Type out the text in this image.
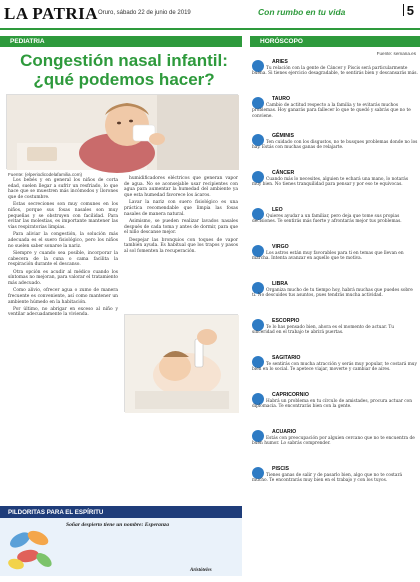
LA PATRIA Oruro, sábado 22 de junio de 2019	Con rumbo en tu vida	5
PEDIATRIA
Congestión nasal infantil:
¿qué podemos hacer?
Fuente: (elperiodicodelafamilia.com)

Los bebés y en general los niños de corta edad, suelen llegar a sufrir un resfriado, lo que hace que se muestren más incómodos y llorones que de costumbre.

Estas secreciones son muy comunes en los niños, porque sus fosas nasales son muy pequeñas y se obstruyen con facilidad. Para evitar las molestias, es importante mantener las vías respiratorias limpias.

Para aliviar la congestión, la solución más adecuada es el suero fisiológico, pero los niños no suelen saber sonarse la nariz.

Siempre y cuando sea posible, incorporar la cabecera de la cuna o cama facilita la respiración durante el descanso.

Otra opción es acudir al médico cuando los síntomas no mejoran, para valorar el tratamiento más adecuado.

Como alivio, ofrecer agua o zumo de manera frecuente es conveniente, así como mantener un ambiente húmedo en la habitación.

Por último, no abrigar en exceso al niño y ventilar adecuadamente la vivienda.

humidificadores eléctricos que generan vapor de agua. No se aconsejable usar recipientes con agua para aumentar la humedad del ambiente ya que esta humedad favorece los ácaros.

Lavar la nariz con suero fisiológico es una práctica recomendable que limpia las fosas nasales de manera natural.

Asimismo, se pueden realizar lavados nasales después de cada toma y antes de dormir, para que el niño descanse mejor.

Despejar las bronquios con toques de vapor también ayuda. Es habitual que los trapos y pasos al sol fomenten la recuperación.

PILDORITAS PARA EL ESPÍRITU
Soñar despierto tiene un nombre: Esperanza
Aristóteles
HORÓSCOPO
Fuente: semana.es
ARIES
Tu relación con la gente de Cáncer y Piscis será particularmente buena. Si tienes ejercicio desagradable, te sentirás bien y descansarás más.
TAURO
Cambio de actitud respecto a la familia y te evitarás muchos problemas. Hoy ganarás para fallecer lo que te quedó y sabrás que no te conviene.
GÉMINIS
Ten cuidado con los disgustos, no te busques problemas donde no los hay. Estás con muchas ganas de relajarte.
CÁNCER
Cuando más lo necesites, alguien te echará una mano, lo notarás muy bien. No tienes tranquilidad para pensar y por eso te equivocas.
LEO
Quieres ayudar a un familiar, pero deja que tome sus propias decisiones. Te sentirás más fuerte y afrontarás mejor tus problemas.
VIRGO
Los astros están muy favorables para ti en temas que llevan en marcha. Intenta avanzar en aquello que te motiva.
LIBRA
Organiza mucho de tu tiempo hoy, habrá muchas que puedes sobre ti. No descuides tus asuntos, pues tendrás mucha actividad.
ESCORPIO
Te lo has pensado bien, ahora es el momento de actuar. Tu sinceridad en el trabajo te abrirá puertas.
SAGITARIO
Te sentirás con mucha atracción y serás muy popular, te costará muy bien en lo social. Te apetece viajar, moverte y cambiar de aires.
CAPRICORNIO
Habrá un problema en tu círculo de amistades, procura actuar con diplomacia. Te encontrarás bien con la gente.
ACUARIO
Estás con preocupación por alguien cercano que no te encuentra de buen humor. Lo sabrás comprender.
PISCIS
Tienes ganas de salir y de pasarlo bien, algo que no te costará mucho. Te encontrarás muy bien en el trabajo y con los tuyos.
